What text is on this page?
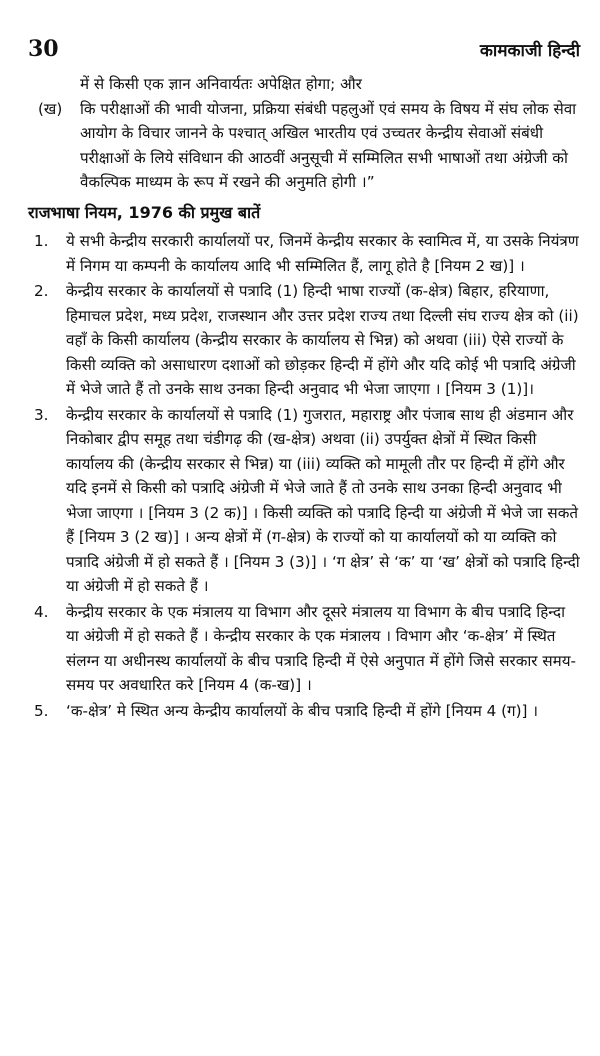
30	कामकाजी हिन्दी

में से किसी एक ज्ञान अनिवार्यतः अपेक्षित होगा; और

(ख)	कि परीक्षाओं की भावी योजना, प्रक्रिया संबंधी पहलुओं एवं समय के विषय में संघ लोक सेवा आयोग के विचार जानने के पश्चात् अखिल भारतीय एवं उच्चतर केन्द्रीय सेवाओं संबंधी परीक्षाओं के लिये संविधान की आठवीं अनुसूची में सम्मिलित सभी भाषाओं तथा अंग्रेजी को वैकल्पिक माध्यम के रूप में रखने की अनुमति होगी ।”
राजभाषा नियम, 1976 की प्रमुख बातें
1.	ये सभी केन्द्रीय सरकारी कार्यालयों पर, जिनमें केन्द्रीय सरकार के स्वामित्व में, या उसके नियंत्रण में निगम या कम्पनी के कार्यालय आदि भी सम्मिलित हैं, लागू होते है [नियम 2 ख)] ।
2.	केन्द्रीय सरकार के कार्यालयों से पत्रादि (1) हिन्दी भाषा राज्यों (क-क्षेत्र) बिहार, हरियाणा, हिमाचल प्रदेश, मध्य प्रदेश, राजस्थान और उत्तर प्रदेश राज्य तथा दिल्ली संघ राज्य क्षेत्र को (ii) वहाँ के किसी कार्यालय (केन्द्रीय सरकार के कार्यालय से भिन्न) को अथवा (iii) ऐसे राज्यों के किसी व्यक्ति को असाधारण दशाओं को छोड़कर हिन्दी में होंगे और यदि कोई भी पत्रादि अंग्रेजी में भेजे जाते हैं तो उनके साथ उनका हिन्दी अनुवाद भी भेजा जाएगा । [नियम 3 (1)]।
3.	केन्द्रीय सरकार के कार्यालयों से पत्रादि (1) गुजरात, महाराष्ट्र और पंजाब साथ ही अंडमान और निकोबार द्वीप समूह तथा चंडीगढ़ की (ख-क्षेत्र) अथवा (ii) उपर्युक्त क्षेत्रों में स्थित किसी कार्यालय की (केन्द्रीय सरकार से भिन्न) या (iii) व्यक्ति को मामूली तौर पर हिन्दी में होंगे और यदि इनमें से किसी को पत्रादि अंग्रेजी में भेजे जाते हैं तो उनके साथ उनका हिन्दी अनुवाद भी भेजा जाएगा । [नियम 3 (2 क)] । किसी व्यक्ति को पत्रादि हिन्दी या अंग्रेजी में भेजे जा सकते हैं [नियम 3 (2 ख)] । अन्य क्षेत्रों में (ग-क्षेत्र) के राज्यों को या कार्यालयों को या व्यक्ति को पत्रादि अंग्रेजी में हो सकते हैं । [नियम 3 (3)] । ‘ग क्षेत्र’ से ‘क’ या ‘ख’ क्षेत्रों को पत्रादि हिन्दी या अंग्रेजी में हो सकते हैं ।
4.	केन्द्रीय सरकार के एक मंत्रालय या विभाग और दूसरे मंत्रालय या विभाग के बीच पत्रादि हिन्दा या अंग्रेजी में हो सकते हैं । केन्द्रीय सरकार के एक मंत्रालय । विभाग और ‘क-क्षेत्र’ में स्थित संलग्न या अधीनस्थ कार्यालयों के बीच पत्रादि हिन्दी में ऐसे अनुपात में होंगे जिसे सरकार समय-समय पर अवधारित करे [नियम 4 (क-ख)] ।
5.	‘क-क्षेत्र’ मे स्थित अन्य केन्द्रीय कार्यालयों के बीच पत्रादि हिन्दी में होंगे [नियम 4 (ग)] ।
